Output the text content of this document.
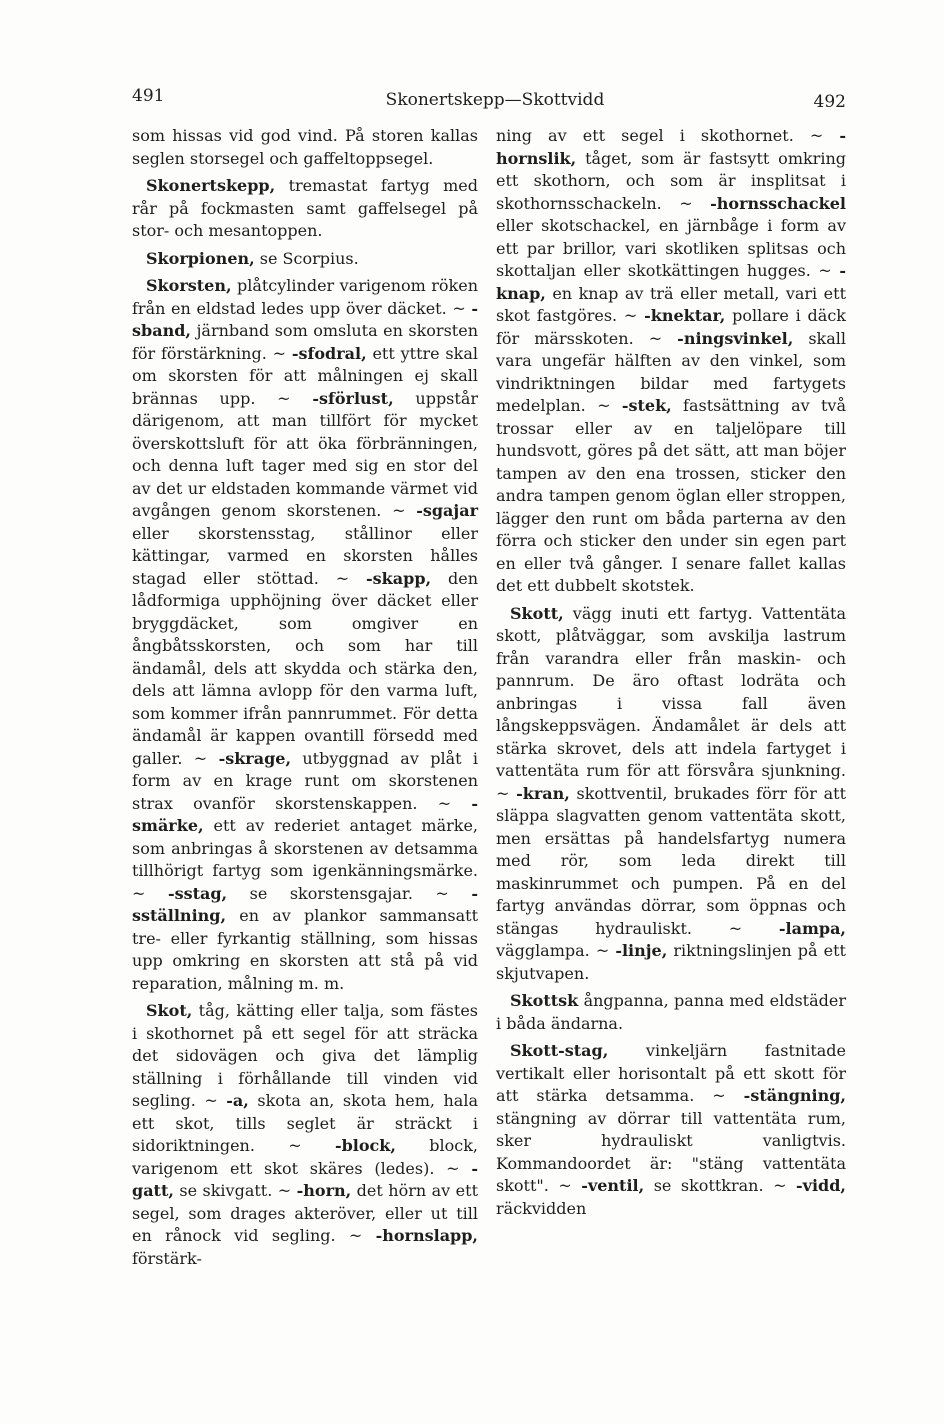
491	Skonertskepp—Skottvidd	492

som hissas vid god vind. På storen kallas seglen storsegel och gaffeltoppsegel.

Skonertskepp, tremastat fartyg med rår på fockmasten samt gaffelsegel på stor- och mesantoppen.

Skorpionen, se Scorpius.

Skorsten, plåtcylinder varigenom röken från en eldstad ledes upp över däcket. ~ -sband, järnband som omsluta en skorsten för förstärkning. ~ -sfodral, ett yttre skal om skorsten för att målningen ej skall brännas upp. ~ -sförlust, uppstår därigenom, att man tillfört för mycket överskottsluft för att öka förbränningen, och denna luft tager med sig en stor del av det ur eldstaden kommande värmet vid avgången genom skorstenen. ~ -sgajar eller skorstensstag, stållinor eller kättingar, varmed en skorsten hålles stagad eller stöttad. ~ -skapp, den lådformiga upphöjning över däcket eller bryggdäcket, som omgiver en ångbåtsskorsten, och som har till ändamål, dels att skydda och stärka den, dels att lämna avlopp för den varma luft, som kommer ifrån pannrummet. För detta ändamål är kappen ovantill försedd med galler. ~ -skrage, utbyggnad av plåt i form av en krage runt om skorstenen strax ovanför skorstenskappen. ~ -smärke, ett av rederiet antaget märke, som anbringas å skorstenen av detsamma tillhörigt fartyg som igenkänningsmärke. ~ -sstag, se skorstensgajar. ~ -sställning, en av plankor sammansatt tre- eller fyrkantig ställning, som hissas upp omkring en skorsten att stå på vid reparation, målning m. m.

Skot, tåg, kätting eller talja, som fästes i skothornet på ett segel för att sträcka det sidovägen och giva det lämplig ställning i förhållande till vinden vid segling. ~ -a, skota an, skota hem, hala ett skot, tills seglet är sträckt i sidoriktningen. ~ -block, block, varigenom ett skot skäres (ledes). ~ -gatt, se skivgatt. ~ -horn, det hörn av ett segel, som drages akteröver, eller ut till en rånock vid segling. ~ -hornslapp, förstärk-

ning av ett segel i skothornet. ~ -hornslik, tåget, som är fastsytt omkring ett skothorn, och som är insplitsat i skothornsschackeln. ~ -hornsschackel eller skotschackel, en järnbåge i form av ett par brillor, vari skotliken splitsas och skottaljan eller skotkättingen hugges. ~ -knap, en knap av trä eller metall, vari ett skot fastgöres. ~ -knektar, pollare i däck för märsskoten. ~ -ningsvinkel, skall vara ungefär hälften av den vinkel, som vindriktningen bildar med fartygets medelplan. ~ -stek, fastsättning av två trossar eller av en taljelöpare till hundsvott, göres på det sätt, att man böjer tampen av den ena trossen, sticker den andra tampen genom öglan eller stroppen, lägger den runt om båda parterna av den förra och sticker den under sin egen part en eller två gånger. I senare fallet kallas det ett dubbelt skotstek.

Skott, vägg inuti ett fartyg. Vattentäta skott, plåtväggar, som avskilja lastrum från varandra eller från maskin- och pannrum. De äro oftast lodräta och anbringas i vissa fall även långskeppsvägen. Ändamålet är dels att stärka skrovet, dels att indela fartyget i vattentäta rum för att försvåra sjunkning. ~ -kran, skottventil, brukades förr för att släppa slagvatten genom vattentäta skott, men ersättas på handelsfartyg numera med rör, som leda direkt till maskinrummet och pumpen. På en del fartyg användas dörrar, som öppnas och stängas hydrauliskt. ~ -lampa, vägglampa. ~ -linje, riktningslinjen på ett skjutvapen.

Skottsk ångpanna, panna med eldstäder i båda ändarna.

Skott-stag, vinkeljärn fastnitade vertikalt eller horisontalt på ett skott för att stärka detsamma. ~ -stängning, stängning av dörrar till vattentäta rum, sker hydrauliskt vanligtvis. Kommandoordet är: "stäng vattentäta skott". ~ -ventil, se skottkran. ~ -vidd, räckvidden
